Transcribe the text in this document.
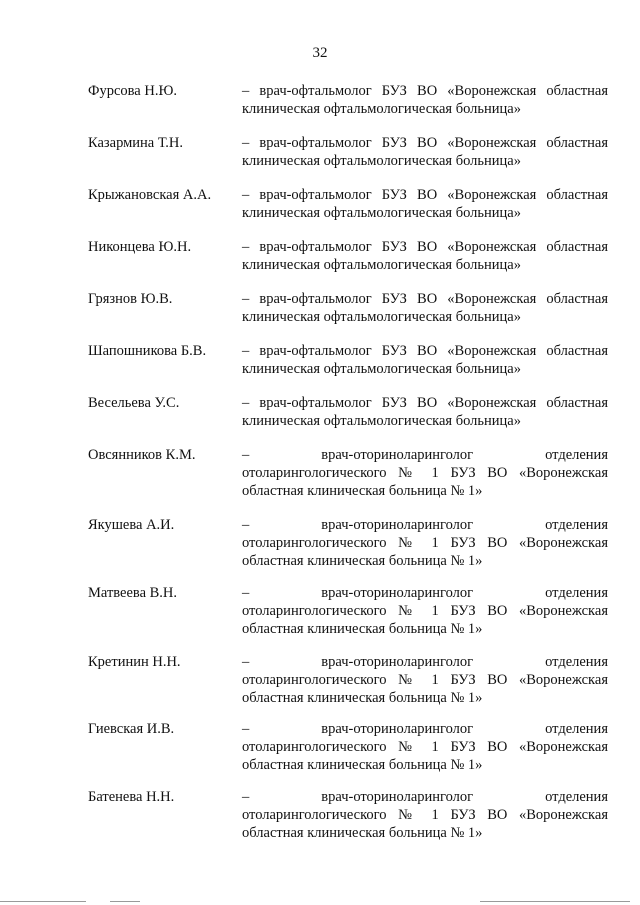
32
Фурсова Н.Ю.	– врач-офтальмолог БУЗ ВО «Воронежская областная клиническая офтальмологическая больница»
Казармина Т.Н.	– врач-офтальмолог БУЗ ВО «Воронежская областная клиническая офтальмологическая больница»
Крыжановская А.А.	– врач-офтальмолог БУЗ ВО «Воронежская областная клиническая офтальмологическая больница»
Никонцева Ю.Н.	– врач-офтальмолог БУЗ ВО «Воронежская областная клиническая офтальмологическая больница»
Грязнов Ю.В.	– врач-офтальмолог БУЗ ВО «Воронежская областная клиническая офтальмологическая больница»
Шапошникова Б.В.	– врач-офтальмолог БУЗ ВО «Воронежская областная клиническая офтальмологическая больница»
Весельева У.С.	– врач-офтальмолог БУЗ ВО «Воронежская областная клиническая офтальмологическая больница»
Овсянников К.М.	– врач-оториноларинголог отделения отоларингологического № 1 БУЗ ВО «Воронежская областная клиническая больница № 1»
Якушева А.И.	– врач-оториноларинголог отделения отоларингологического № 1 БУЗ ВО «Воронежская областная клиническая больница № 1»
Матвеева В.Н.	– врач-оториноларинголог отделения отоларингологического № 1 БУЗ ВО «Воронежская областная клиническая больница № 1»
Кретинин Н.Н.	– врач-оториноларинголог отделения отоларингологического № 1 БУЗ ВО «Воронежская областная клиническая больница № 1»
Гиевская И.В.	– врач-оториноларинголог отделения отоларингологического № 1 БУЗ ВО «Воронежская областная клиническая больница № 1»
Батенева Н.Н.	– врач-оториноларинголог отделения отоларингологического № 1 БУЗ ВО «Воронежская областная клиническая больница № 1»
